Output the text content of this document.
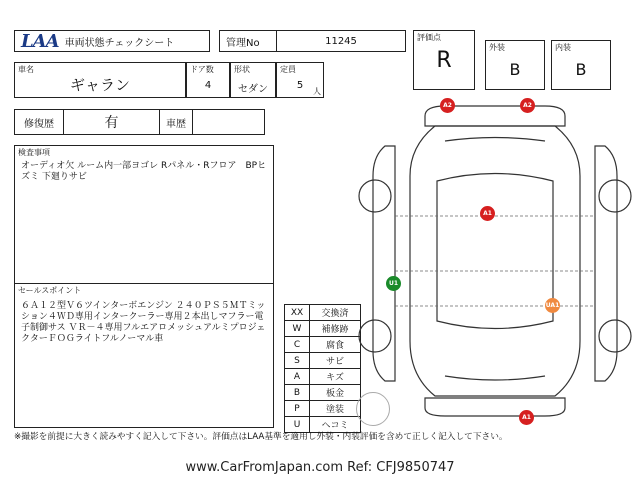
LAA 車両状態チェックシート	管理No	11245	評価点
R
外装
B
内装
B
車名
ギャラン
ドア数
4
形状
セダン
定員
5
人
修復歴	有	車歴
検査事項
オーディオ欠 ルーム内一部ヨゴレ Rパネル・Rフロア　BPヒズミ 下廻りサビ
セールスポイント
６Ａ１２型Ｖ６ツインターボエンジン ２４０ＰＳ５ＭＴミッション４ＷＤ専用インタークーラー専用２本出しマフラー電子制御サス ＶＲ－４専用フルエアロメッシュアルミプロジェクターＦＯＧライトフルノーマル車
XX	交換済
W	補修跡
C	腐食
S	サビ
A	キズ
B	板金
P	塗装
U	ヘコミ
A2	A2
A1
U1
UA1
A1
※撮影を前提に大きく読みやすく記入して下さい。評価点はLAA基準を適用し外装・内装評価を含めて正しく記入して下さい。
www.CarFromJapan.com Ref: CFJ9850747
